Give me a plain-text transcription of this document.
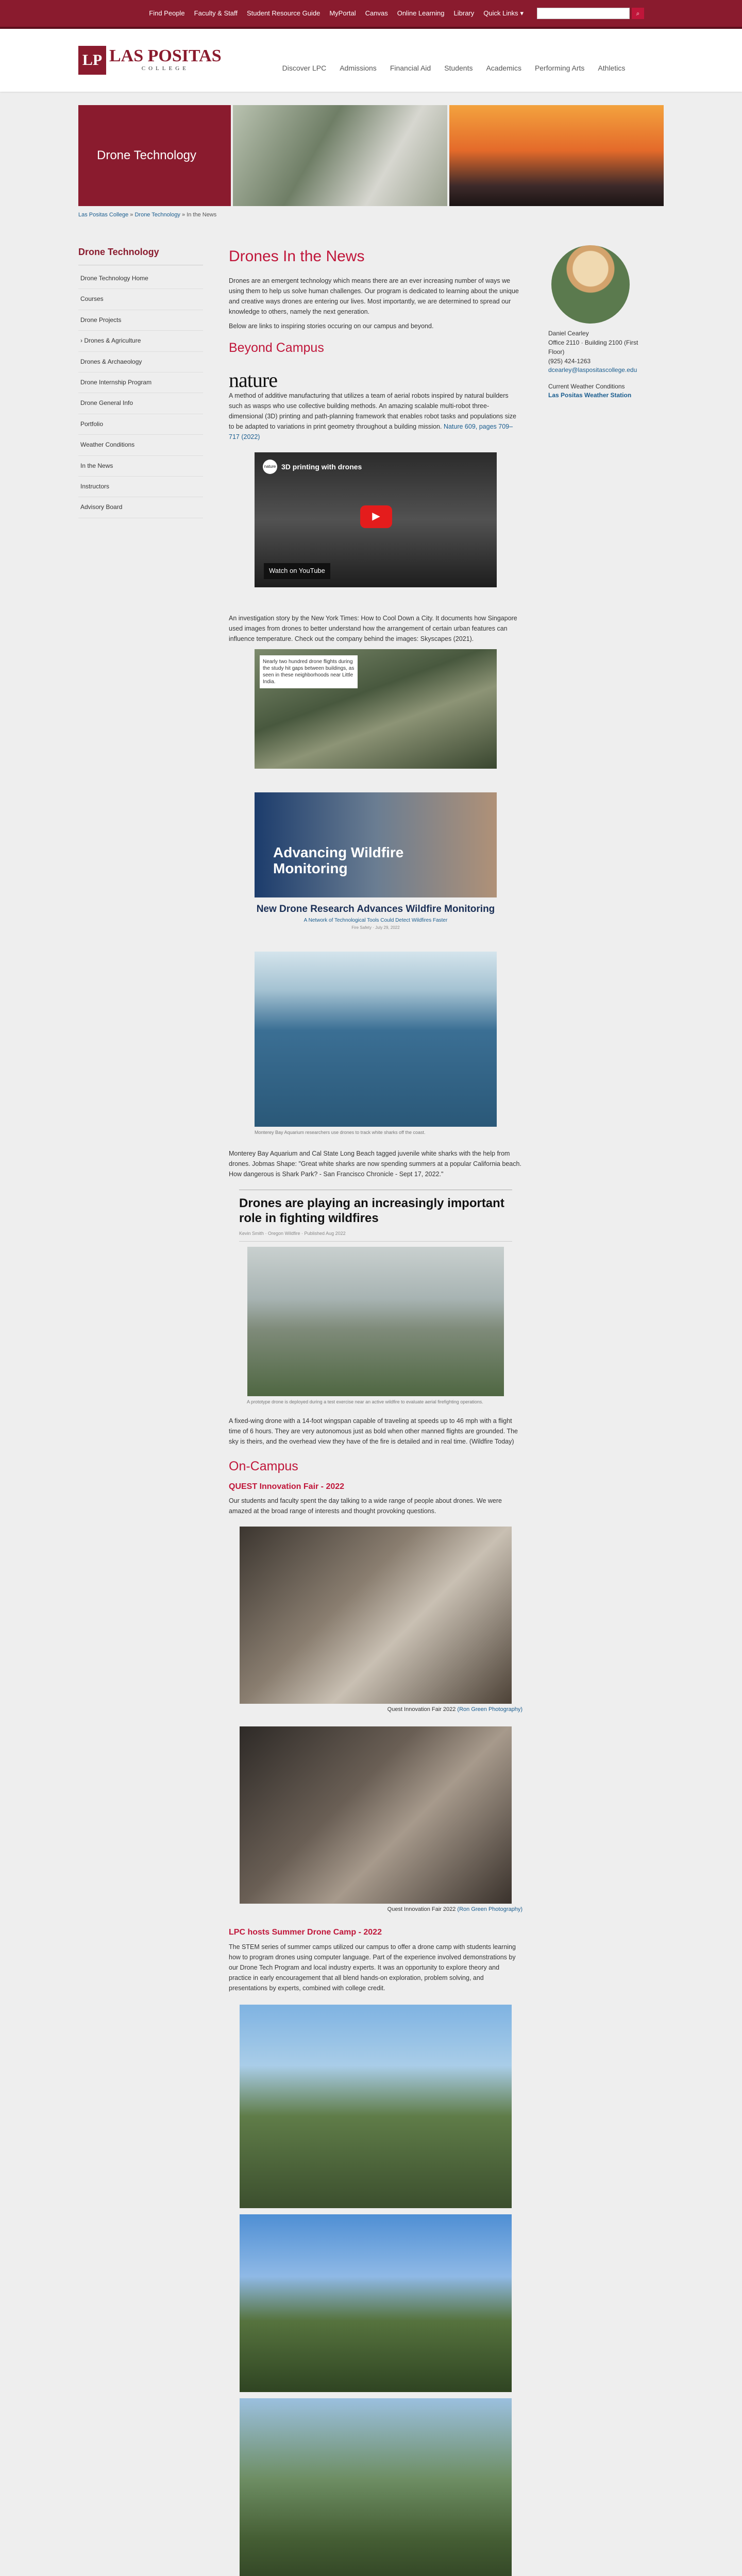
Find People Faculty & Staff Student Resource Guide MyPortal Canvas Online Learning Library Quick Links ▾	⌕
LP LAS POSITAS
COLLEGE	Discover LPC Admissions Financial Aid Students Academics Performing Arts Athletics
Drone Technology
Las Positas College » Drone Technology » In the News
Drone Technology
Drone Technology Home
Courses
Drone Projects
› Drones & Agriculture
Drones & Archaeology
Drone Internship Program
Drone General Info
Portfolio
Weather Conditions
In the News
Instructors
Advisory Board
Drones In the News

Drones are an emergent technology which means there are an ever increasing number of ways we using them to help us solve human challenges. Our program is dedicated to learning about the unique and creative ways drones are entering our lives. Most importantly, we are determined to spread our knowledge to others, namely the next generation.

Below are links to inspiring stories occuring on our campus and beyond.

Beyond Campus
nature

A method of additive manufacturing that utilizes a team of aerial robots inspired by natural builders such as wasps who use collective building methods. An amazing scalable multi-robot three-dimensional (3D) printing and path-planning framework that enables robot tasks and populations size to be adapted to variations in print geometry throughout a building mission. Nature 609, pages 709–717 (2022)

nature 3D printing with drones
▶
Watch on YouTube

An investigation story by the New York Times: How to Cool Down a City. It documents how Singapore used images from drones to better understand how the arrangement of certain urban features can influence temperature. Check out the company behind the images: Skyscapes (2021).

Nearly two hundred drone flights during the study hit gaps between buildings, as seen in these neighborhoods near Little India.
Advancing Wildfire Monitoring
New Drone Research Advances Wildfire Monitoring
A Network of Technological Tools Could Detect Wildfires Faster
Fire Safety · July 29, 2022

Monterey Bay Aquarium researchers use drones to track white sharks off the coast.

Monterey Bay Aquarium and Cal State Long Beach tagged juvenile white sharks with the help from drones. Jobmas Shape: "Great white sharks are now spending summers at a popular California beach. How dangerous is Shark Park? - San Francisco Chronicle - Sept 17, 2022."

Drones are playing an increasingly important role in fighting wildfires
Kevin Smith · Oregon Wildfire · Published Aug 2022

A prototype drone is deployed during a test exercise near an active wildfire to evaluate aerial firefighting operations.

A fixed-wing drone with a 14-foot wingspan capable of traveling at speeds up to 46 mph with a flight time of 6 hours. They are very autonomous just as bold when other manned flights are grounded. The sky is theirs, and the overhead view they have of the fire is detailed and in real time. (Wildfire Today)

On-Campus
QUEST Innovation Fair - 2022

Our students and faculty spent the day talking to a wide range of people about drones. We were amazed at the broad range of interests and thought provoking questions.

Quest Innovation Fair 2022 (Ron Green Photography)
Quest Innovation Fair 2022 (Ron Green Photography)
LPC hosts Summer Drone Camp - 2022

The STEM series of summer camps utilized our campus to offer a drone camp with students learning how to program drones using computer language. Part of the experience involved demonstrations by our Drone Tech Program and local industry experts. It was an opportunity to explore theory and practice in early encouragement that all blend hands-on exploration, problem solving, and presentations by experts, combined with college credit.

Daniel Cearley

Office 2110 · Building 2100 (First Floor)

(925) 424-1263

dcearley@laspositascollege.edu

Current Weather Conditions

Las Positas Weather Station
